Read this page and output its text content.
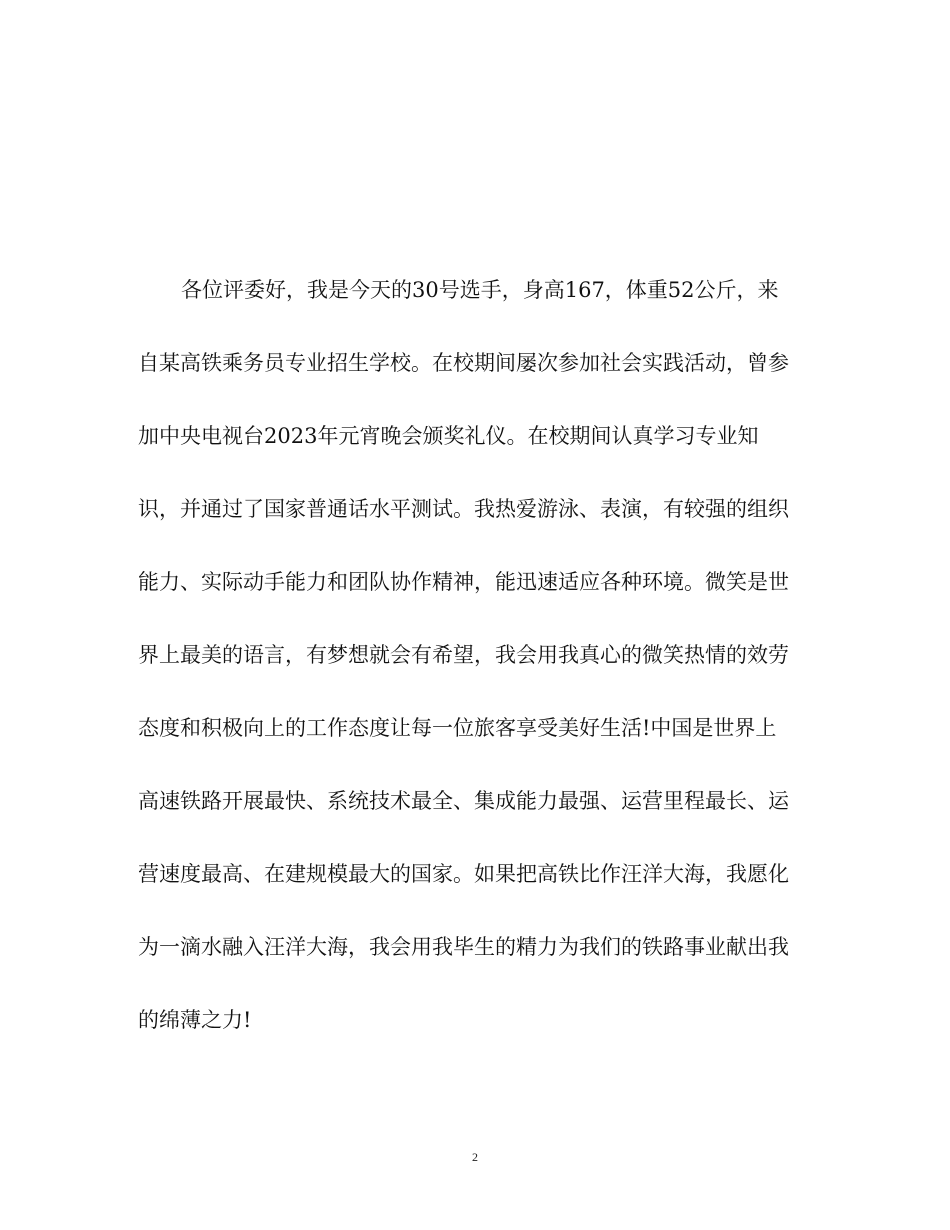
各位评委好，我是今天的30号选手，身高167，体重52公斤，来

自某高铁乘务员专业招生学校。在校期间屡次参加社会实践活动，曾参

加中央电视台2023年元宵晚会颁奖礼仪。在校期间认真学习专业知

识，并通过了国家普通话水平测试。我热爱游泳、表演，有较强的组织

能力、实际动手能力和团队协作精神，能迅速适应各种环境。微笑是世

界上最美的语言，有梦想就会有希望，我会用我真心的微笑热情的效劳

态度和积极向上的工作态度让每一位旅客享受美好生活!中国是世界上

高速铁路开展最快、系统技术最全、集成能力最强、运营里程最长、运

营速度最高、在建规模最大的国家。如果把高铁比作汪洋大海，我愿化

为一滴水融入汪洋大海，我会用我毕生的精力为我们的铁路事业献出我

的绵薄之力!

2
